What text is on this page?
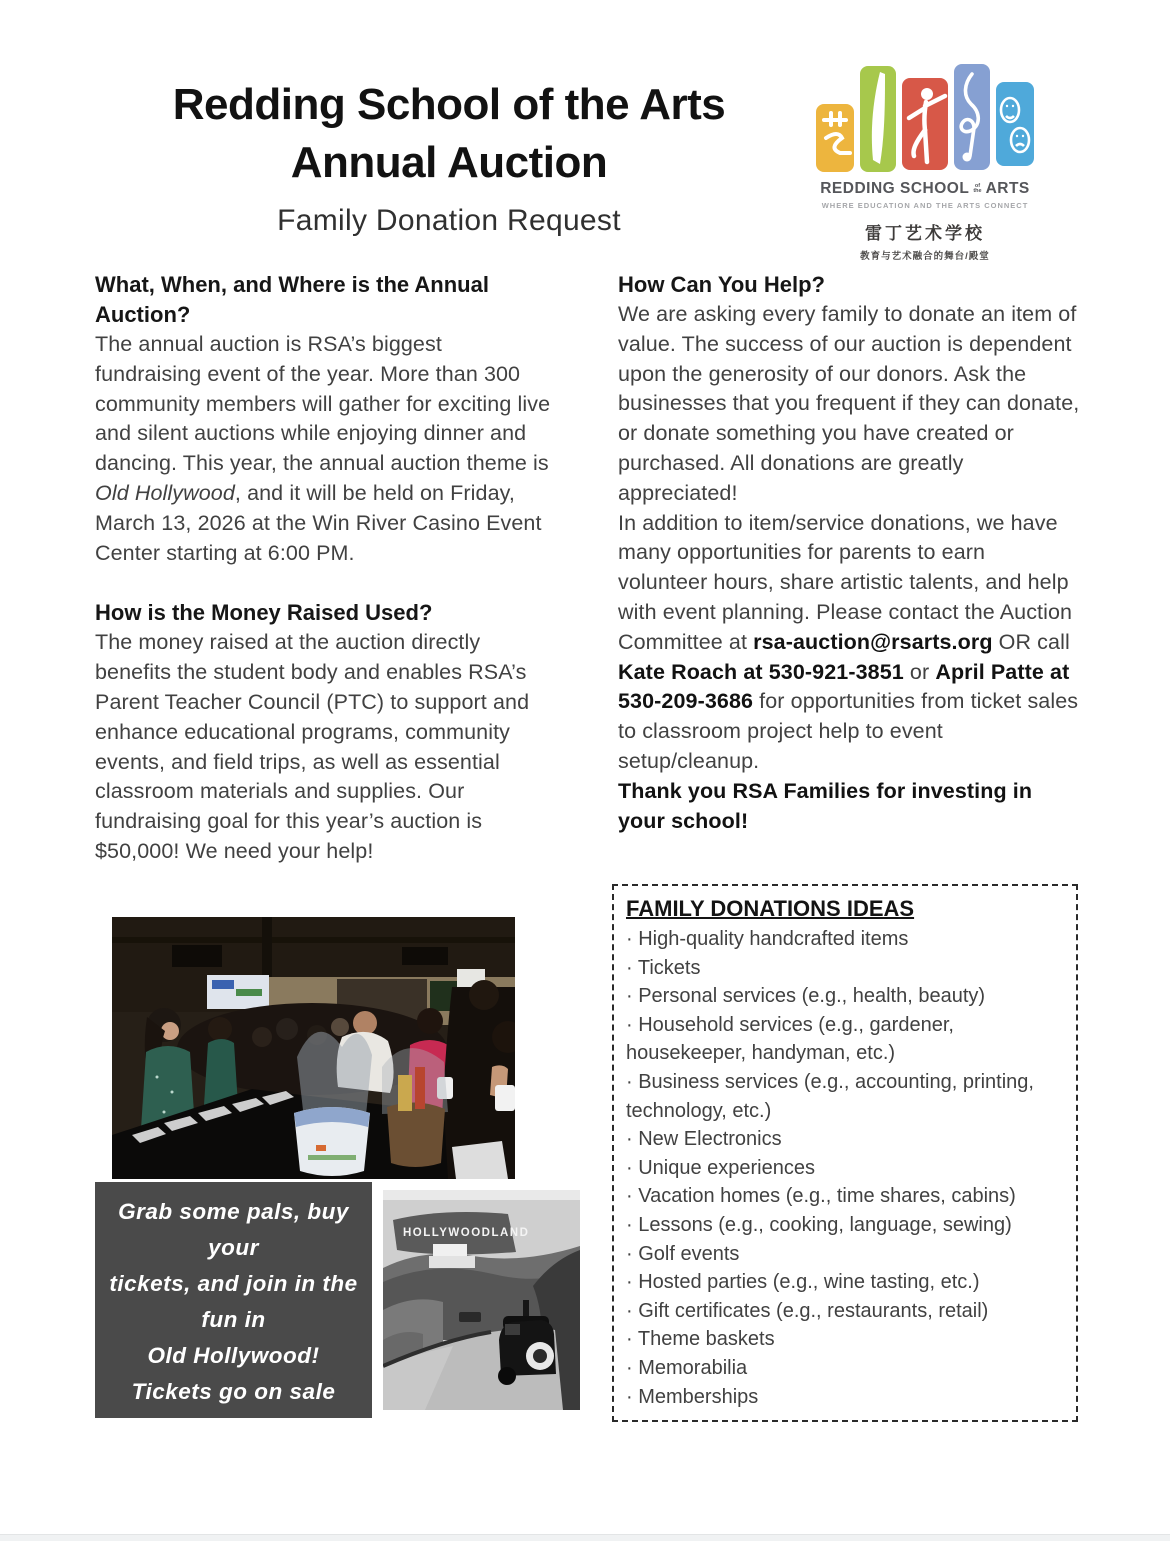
Redding School of the Arts
Annual Auction
Family Donation Request
REDDING SCHOOL of
the ARTS
WHERE EDUCATION AND THE ARTS CONNECT
雷丁艺术学校
教育与艺术融合的舞台/殿堂
What, When, and Where is the Annual Auction?

The annual auction is RSA’s biggest fundraising event of the year. More than 300 community members will gather for exciting live and silent auctions while enjoying dinner and dancing. This year, the annual auction theme is Old Hollywood, and it will be held on Friday, March 13, 2026 at the Win River Casino Event Center starting at 6:00 PM.

How is the Money Raised Used?

The money raised at the auction directly benefits the student body and enables RSA’s Parent Teacher Council (PTC) to support and enhance educational programs, community events, and field trips, as well as essential classroom materials and supplies. Our fundraising goal for this year’s auction is $50,000! We need your help!

How Can You Help?

We are asking every family to donate an item of value. The success of our auction is dependent upon the generosity of our donors. Ask the businesses that you frequent if they can donate, or donate something you have created or purchased. All donations are greatly appreciated!
In addition to item/service donations, we have many opportunities for parents to earn volunteer hours, share artistic talents, and help with event planning. Please contact the Auction Committee at rsa-auction@rsarts.org OR call Kate Roach at 530-921-3851 or April Patte at 530-209-3686 for opportunities from ticket sales to classroom project help to event setup/cleanup.

Thank you RSA Families for investing in your school!

FAMILY DONATIONS IDEAS
· High-quality handcrafted items
· Tickets
· Personal services (e.g., health, beauty)
· Household services (e.g., gardener, housekeeper, handyman, etc.)
· Business services (e.g., accounting, printing, technology, etc.)
· New Electronics
· Unique experiences
· Vacation homes (e.g., time shares, cabins)
· Lessons (e.g., cooking, language, sewing)
· Golf events
· Hosted parties (e.g., wine tasting, etc.)
· Gift certificates (e.g., restaurants, retail)
· Theme baskets
· Memorabilia
· Memberships
Grab some pals, buy your
tickets, and join in the fun in
Old Hollywood!
Tickets go on sale
January 2026
at supportrsa.com
HOLLYWOODLAND
